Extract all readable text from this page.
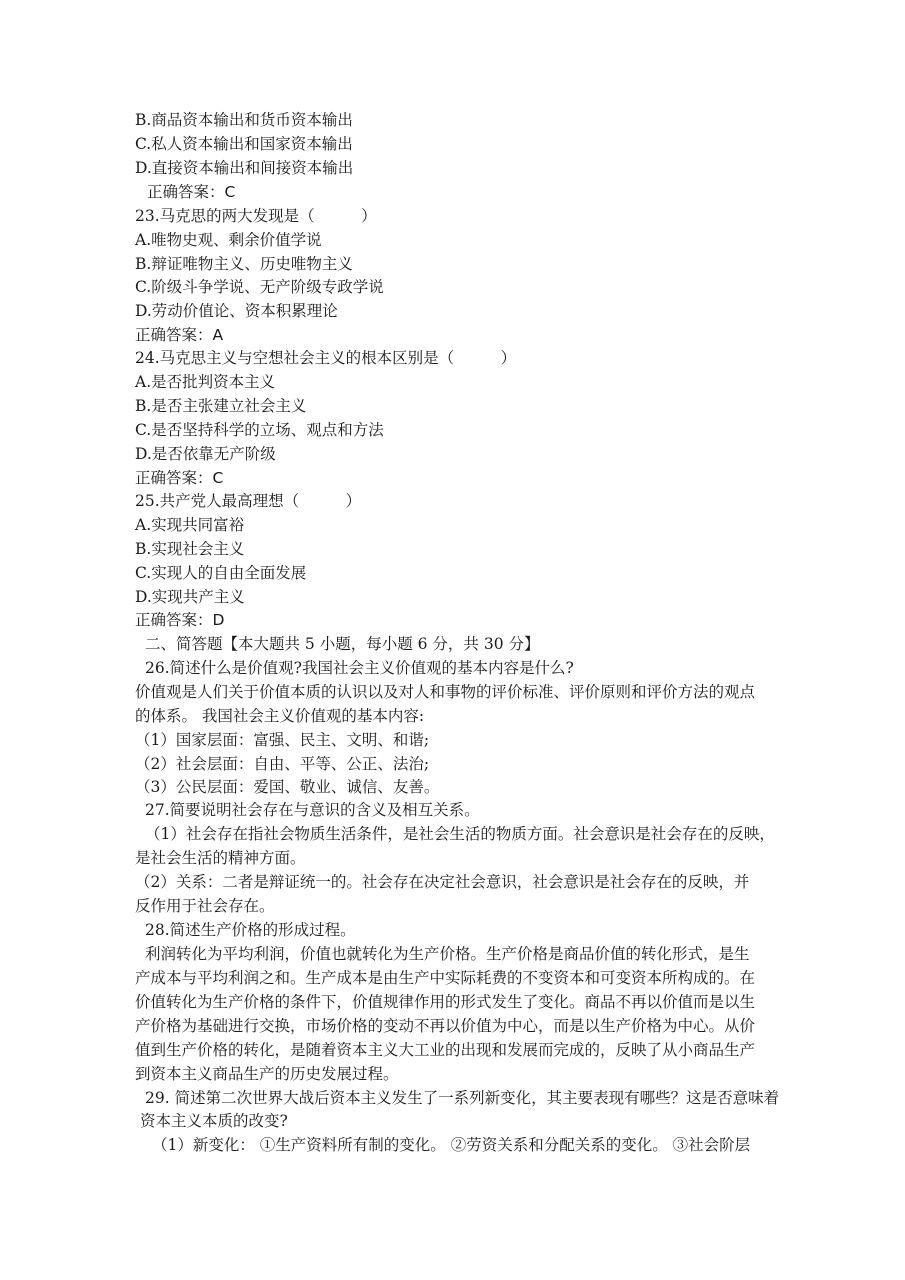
B.商品资本输出和货币资本输出
C.私人资本输出和国家资本输出
D.直接资本输出和间接资本输出
正确答案：C
23.马克思的两大发现是（　　　）
A.唯物史观、剩余价值学说
B.辩证唯物主义、历史唯物主义
C.阶级斗争学说、无产阶级专政学说
D.劳动价值论、资本积累理论
正确答案：A
24.马克思主义与空想社会主义的根本区别是（　　　）
A.是否批判资本主义
B.是否主张建立社会主义
C.是否坚持科学的立场、观点和方法
D.是否依靠无产阶级
正确答案：C
25.共产党人最高理想（　　　）
A.实现共同富裕
B.实现社会主义
C.实现人的自由全面发展
D.实现共产主义
正确答案：D
二、简答题【本大题共 5 小题，每小题 6 分，共 30 分】
26.简述什么是价值观?我国社会主义价值观的基本内容是什么?
价值观是人们关于价值本质的认识以及对人和事物的评价标准、评价原则和评价方法的观点
的体系。 我国社会主义价值观的基本内容:
（1）国家层面：富强、民主、文明、和谐;
（2）社会层面：自由、平等、公正、法治;
（3）公民层面：爱国、敬业、诚信、友善。
27.简要说明社会存在与意识的含义及相互关系。
（1）社会存在指社会物质生活条件，是社会生活的物质方面。社会意识是社会存在的反映，
是社会生活的精神方面。
（2）关系：二者是辩证统一的。社会存在决定社会意识，社会意识是社会存在的反映，并
反作用于社会存在。
28.简述生产价格的形成过程。
利润转化为平均利润，价值也就转化为生产价格。生产价格是商品价值的转化形式，是生
产成本与平均利润之和。生产成本是由生产中实际耗费的不变资本和可变资本所构成的。在
价值转化为生产价格的条件下，价值规律作用的形式发生了变化。商品不再以价值而是以生
产价格为基础进行交换，市场价格的变动不再以价值为中心，而是以生产价格为中心。从价
值到生产价格的转化，是随着资本主义大工业的出现和发展而完成的，反映了从小商品生产
到资本主义商品生产的历史发展过程。
29. 简述第二次世界大战后资本主义发生了一系列新变化，其主要表现有哪些？这是否意味着
资本主义本质的改变?
（1）新变化： ①生产资料所有制的变化。 ②劳资关系和分配关系的变化。 ③社会阶层
